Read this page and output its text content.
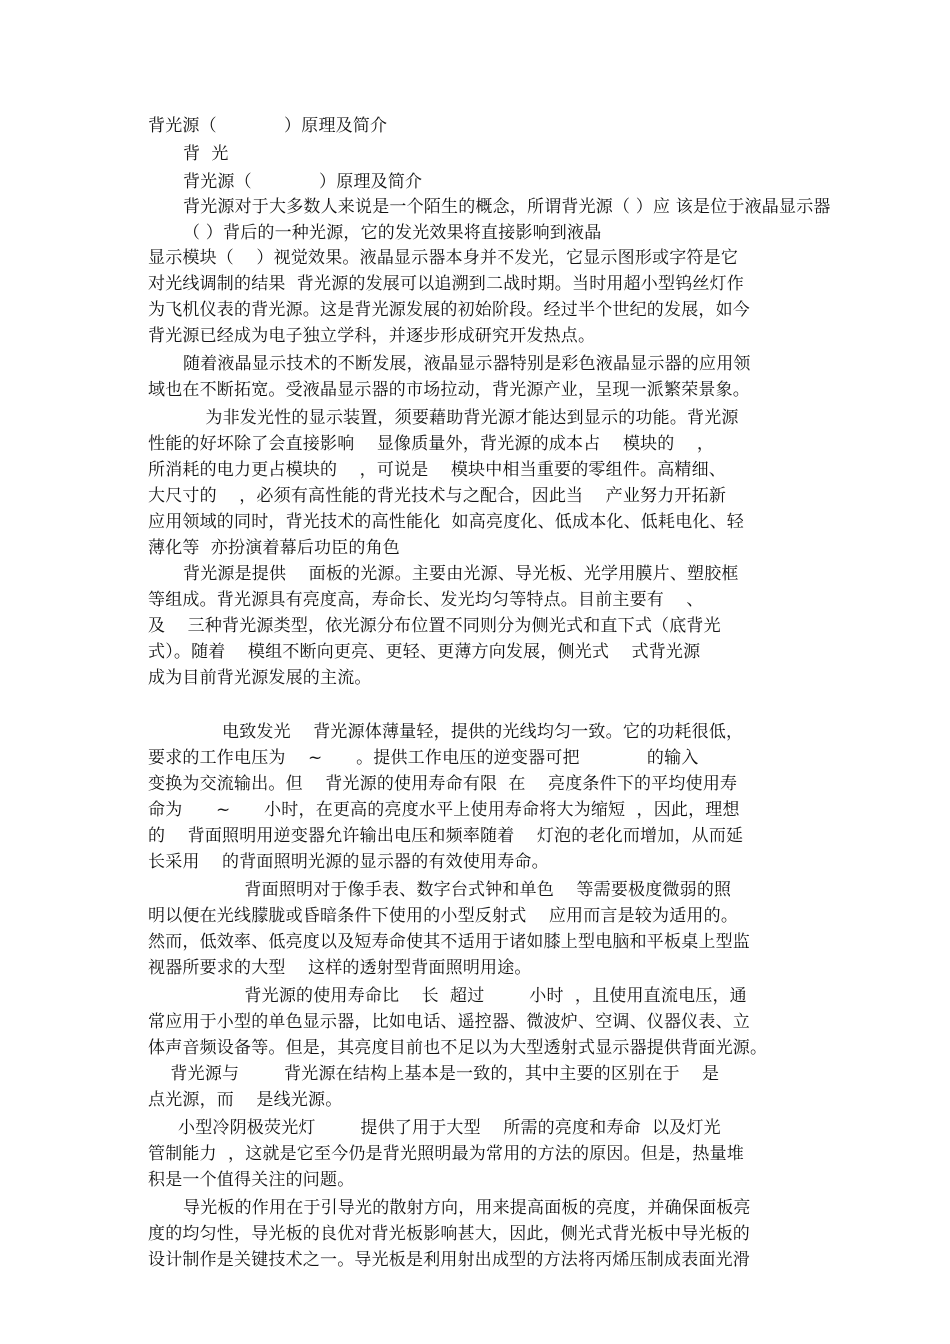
背光源（            ）原理及简介
背  光
背光源（            ）原理及简介
背光源对于大多数人来说是一个陌生的概念，所谓背光源（ ）应 该是位于液晶显示器（ ）背后的一种光源，它的发光效果将直接影响到液晶
显示模块（    ）视觉效果。液晶显示器本身并不发光，它显示图形或字符是它
对光线调制的结果  背光源的发展可以追溯到二战时期。当时用超小型钨丝灯作
为飞机仪表的背光源。这是背光源发展的初始阶段。经过半个世纪的发展，如今
背光源已经成为电子独立学科，并逐步形成研究开发热点。
随着液晶显示技术的不断发展，液晶显示器特别是彩色液晶显示器的应用领
域也在不断拓宽。受液晶显示器的市场拉动，背光源产业，呈现一派繁荣景象。
为非发光性的显示装置，须要藉助背光源才能达到显示的功能。背光源
性能的好坏除了会直接影响    显像质量外，背光源的成本占    模块的    ，
所消耗的电力更占模块的    ，可说是    模块中相当重要的零组件。高精细、
大尺寸的    ，必须有高性能的背光技术与之配合，因此当    产业努力开拓新
应用领域的同时，背光技术的高性能化  如高亮度化、低成本化、低耗电化、轻
薄化等  亦扮演着幕后功臣的角色
背光源是提供    面板的光源。主要由光源、导光板、光学用膜片、塑胶框
等组成。背光源具有亮度高，寿命长、发光均匀等特点。目前主要有    、
及    三种背光源类型，依光源分布位置不同则分为侧光式和直下式（底背光
式）。随着    模组不断向更亮、更轻、更薄方向发展，侧光式    式背光源
成为目前背光源发展的主流。
电致发光    背光源体薄量轻，提供的光线均匀一致。它的功耗很低，
要求的工作电压为    ~      。提供工作电压的逆变器可把            的输入
变换为交流输出。但    背光源的使用寿命有限  在    亮度条件下的平均使用寿
命为      ~      小时，在更高的亮度水平上使用寿命将大为缩短  ，因此，理想
的    背面照明用逆变器允许输出电压和频率随着    灯泡的老化而增加，从而延
长采用    的背面照明光源的显示器的有效使用寿命。
背面照明对于像手表、数字台式钟和单色    等需要极度微弱的照
明以便在光线朦胧或昏暗条件下使用的小型反射式    应用而言是较为适用的。
然而，低效率、低亮度以及短寿命使其不适用于诸如膝上型电脑和平板桌上型监
视器所要求的大型    这样的透射型背面照明用途。
背光源的使用寿命比    长  超过        小时  ，且使用直流电压，通
常应用于小型的单色显示器，比如电话、遥控器、微波炉、空调、仪器仪表、立
体声音频设备等。但是，其亮度目前也不足以为大型透射式显示器提供背面光源。
背光源与        背光源在结构上基本是一致的，其中主要的区别在于    是
点光源，而    是线光源。
小型冷阴极荧光灯        提供了用于大型    所需的亮度和寿命  以及灯光
管制能力  ，这就是它至今仍是背光照明最为常用的方法的原因。但是，热量堆
积是一个值得关注的问题。
导光板的作用在于引导光的散射方向，用来提高面板的亮度，并确保面板亮
度的均匀性，导光板的良优对背光板影响甚大，因此，侧光式背光板中导光板的
设计制作是关键技术之一。导光板是利用射出成型的方法将丙烯压制成表面光滑
